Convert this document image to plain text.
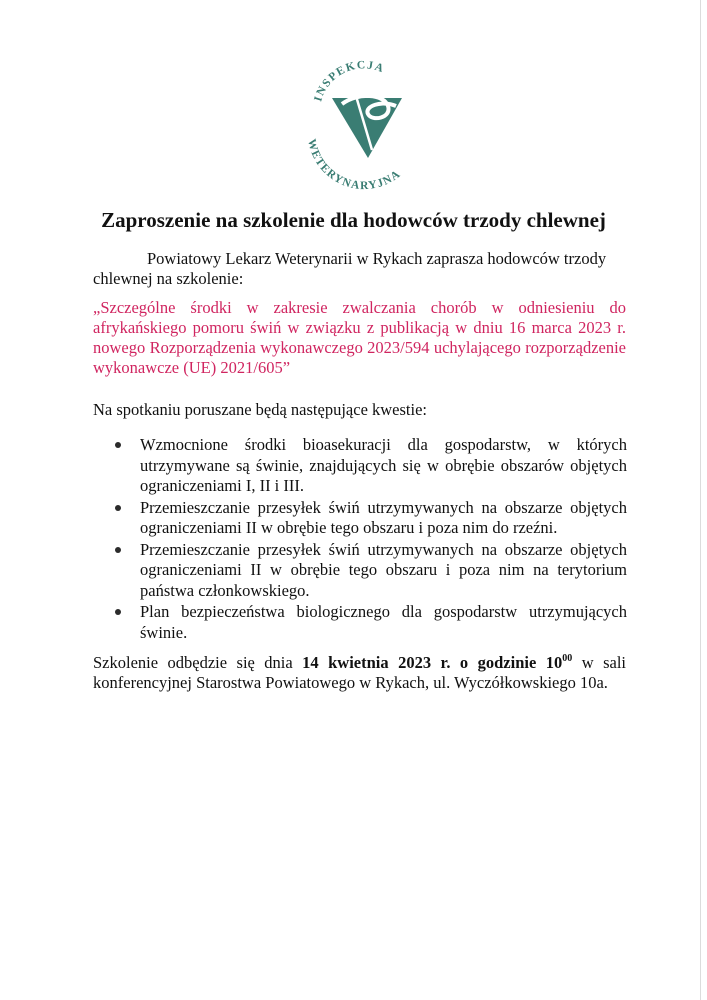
INSPEKCJA
WETERYNARYJNA
Zaproszenie na szkolenie dla hodowców trzody chlewnej
Powiatowy Lekarz Weterynarii w Rykach zaprasza hodowców trzody
chlewnej na szkolenie:
„Szczególne środki w zakresie zwalczania chorób w odniesieniu do afrykańskiego pomoru świń w związku z publikacją w dniu 16 marca 2023 r. nowego Rozporządzenia wykonawczego 2023/594 uchylającego rozporządzenie wykonawcze (UE) 2021/605”
Na spotkaniu poruszane będą następujące kwestie:
Wzmocnione środki bioasekuracji dla gospodarstw, w których utrzymywane są świnie, znajdujących się w obrębie obszarów objętych ograniczeniami I, II i III.
Przemieszczanie przesyłek świń utrzymywanych na obszarze objętych ograniczeniami II w obrębie tego obszaru i poza nim do rzeźni.
Przemieszczanie przesyłek świń utrzymywanych na obszarze objętych ograniczeniami II w obrębie tego obszaru i poza nim na terytorium państwa członkowskiego.
Plan bezpieczeństwa biologicznego dla gospodarstw utrzymujących świnie.
Szkolenie odbędzie się dnia 14 kwietnia 2023 r. o godzinie $10^{00}$ w sali konferencyjnej Starostwa Powiatowego w Rykach, ul. Wyczółkowskiego 10a.
